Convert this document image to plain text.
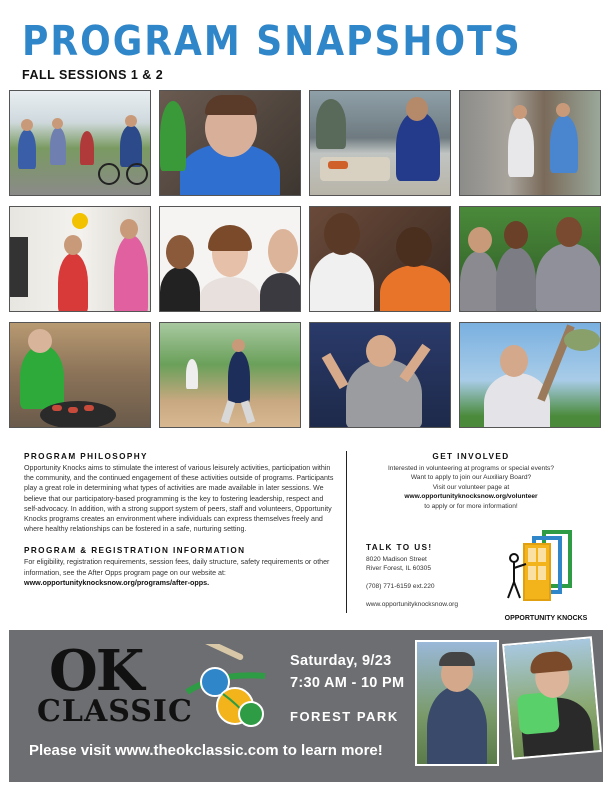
PROGRAM SNAPSHOTS
FALL SESSIONS 1 & 2
PROGRAM PHILOSOPHY
Opportunity Knocks aims to stimulate the interest of various leisurely activities, participation within the community, and the continued engagement of these activities outside of programs. Participants play a great role in determining what types of activities are made available in later sessions. We believe that our participatory-based programming is the key to fostering leadership, respect and self-advocacy. In addition, with a strong support system of peers, staff and volunteers, Opportunity Knocks programs creates an environment where individuals can express themselves freely and where healthy relationships can be fostered in a safe, nurturing setting.
PROGRAM & REGISTRATION INFORMATION
For eligibility, registration requirements, session fees, daily structure, safety requirements or other information, see the After Opps program page on our website at:
www.opportunityknocksnow.org/programs/after-opps.
GET INVOLVED
Interested in volunteering at programs or special events?
Want to apply to join our Auxiliary Board?
Visit our volunteer page at
www.opportunityknocksnow.org/volunteer
to apply or for more information!
TALK TO US!
8020 Madison Street
River Forest, IL 60305
(708) 771-6159 ext.220
www.opportunityknocksnow.org
OPPORTUNITY KNOCKS
OK
CLASSIC
Saturday, 9/23
7:30 AM - 10 PM
FOREST PARK
Please visit www.theokclassic.com to learn more!
